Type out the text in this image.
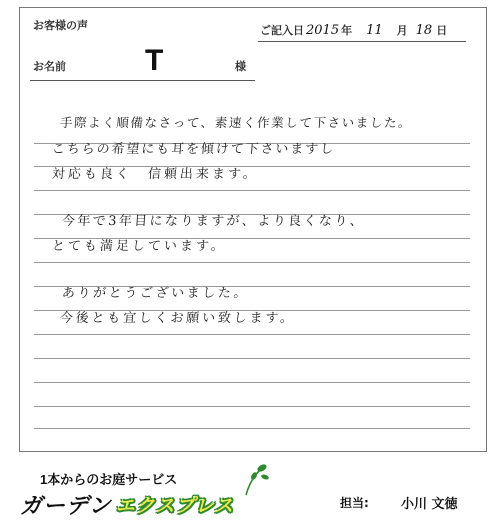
お客様の声	ご記入日 2015 年 11 月 18 日
お名前	T	様
手際よく順備なさって、素速く作業して下さいました。
こちらの希望にも耳を傾けて下さいますし
対応も良く　信頼出来ます。
今年で3年目になりますが、より良くなり、
とても満足しています。
ありがとうございました。
今後とも宜しくお願い致します。
1本からのお庭サービス
ガーデン エクスプレス	担当: 小川 文徳
